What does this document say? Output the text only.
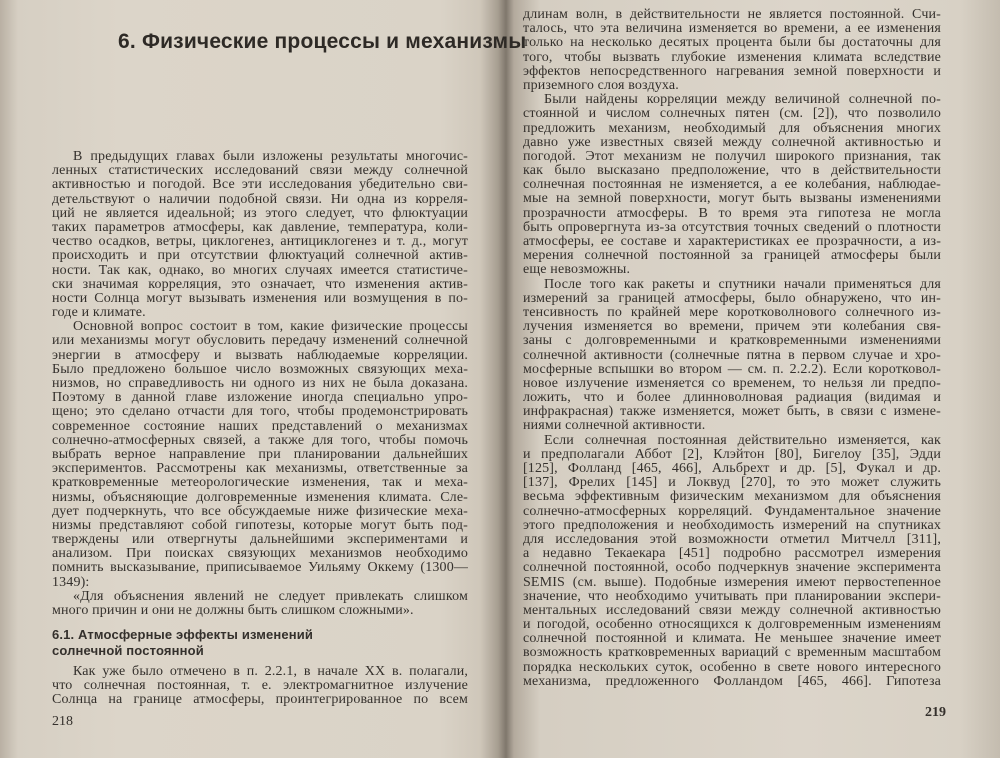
6. Физические процессы и механизмы
В предыдущих главах были изложены результаты многочис-
ленных статистических исследований связи между солнечной
активностью и погодой. Все эти исследования убедительно сви-
детельствуют о наличии подобной связи. Ни одна из корреля-
ций не является идеальной; из этого следует, что флюктуации
таких параметров атмосферы, как давление, температура, коли-
чество осадков, ветры, циклогенез, антициклогенез и т. д., могут
происходить и при отсутствии флюктуаций солнечной актив-
ности. Так как, однако, во многих случаях имеется статистиче-
ски значимая корреляция, это означает, что изменения актив-
ности Солнца могут вызывать изменения или возмущения в по-
годе и климате.
Основной вопрос состоит в том, какие физические процессы
или механизмы могут обусловить передачу изменений солнечной
энергии в атмосферу и вызвать наблюдаемые корреляции.
Было предложено большое число возможных связующих меха-
низмов, но справедливость ни одного из них не была доказана.
Поэтому в данной главе изложение иногда специально упро-
щено; это сделано отчасти для того, чтобы продемонстрировать
современное состояние наших представлений о механизмах
солнечно-атмосферных связей, а также для того, чтобы помочь
выбрать верное направление при планировании дальнейших
экспериментов. Рассмотрены как механизмы, ответственные за
кратковременные метеорологические изменения, так и меха-
низмы, объясняющие долговременные изменения климата. Сле-
дует подчеркнуть, что все обсуждаемые ниже физические меха-
низмы представляют собой гипотезы, которые могут быть под-
тверждены или отвергнуты дальнейшими экспериментами и
анализом. При поисках связующих механизмов необходимо
помнить высказывание, приписываемое Уильяму Оккему (1300—
1349):
«Для объяснения явлений не следует привлекать слишком
много причин и они не должны быть слишком сложными».
6.1. Атмосферные эффекты изменений
солнечной постоянной
Как уже было отмечено в п. 2.2.1, в начале XX в. полагали,
что солнечная постоянная, т. е. электромагнитное излучение
Солнца на границе атмосферы, проинтегрированное по всем
218
длинам волн, в действительности не является постоянной. Счи-
талось, что эта величина изменяется во времени, а ее изменения
только на несколько десятых процента были бы достаточны для
того, чтобы вызвать глубокие изменения климата вследствие
эффектов непосредственного нагревания земной поверхности и
приземного слоя воздуха.
Были найдены корреляции между величиной солнечной по-
стоянной и числом солнечных пятен (см. [2]), что позволило
предложить механизм, необходимый для объяснения многих
давно уже известных связей между солнечной активностью и
погодой. Этот механизм не получил широкого признания, так
как было высказано предположение, что в действительности
солнечная постоянная не изменяется, а ее колебания, наблюдае-
мые на земной поверхности, могут быть вызваны изменениями
прозрачности атмосферы. В то время эта гипотеза не могла
быть опровергнута из-за отсутствия точных сведений о плотности
атмосферы, ее составе и характеристиках ее прозрачности, а из-
мерения солнечной постоянной за границей атмосферы были
еще невозможны.
После того как ракеты и спутники начали применяться для
измерений за границей атмосферы, было обнаружено, что ин-
тенсивность по крайней мере коротковолнового солнечного из-
лучения изменяется во времени, причем эти колебания свя-
заны с долговременными и кратковременными изменениями
солнечной активности (солнечные пятна в первом случае и хро-
мосферные вспышки во втором — см. п. 2.2.2). Если коротковол-
новое излучение изменяется со временем, то нельзя ли предпо-
ложить, что и более длинноволновая радиация (видимая и
инфракрасная) также изменяется, может быть, в связи с измене-
ниями солнечной активности.
Если солнечная постоянная действительно изменяется, как
и предполагали Аббот [2], Клэйтон [80], Бигелоу [35], Эдди
[125], Фолланд [465, 466], Альбрехт и др. [5], Фукал и др.
[137], Фрелих [145] и Локвуд [270], то это может служить
весьма эффективным физическим механизмом для объяснения
солнечно-атмосферных корреляций. Фундаментальное значение
этого предположения и необходимость измерений на спутниках
для исследования этой возможности отметил Митчелл [311],
а недавно Текаекара [451] подробно рассмотрел измерения
солнечной постоянной, особо подчеркнув значение эксперимента
SEMIS (см. выше). Подобные измерения имеют первостепенное
значение, что необходимо учитывать при планировании экспери-
ментальных исследований связи между солнечной активностью
и погодой, особенно относящихся к долговременным изменениям
солнечной постоянной и климата. Не меньшее значение имеет
возможность кратковременных вариаций с временным масштабом
порядка нескольких суток, особенно в свете нового интересного
механизма, предложенного Фолландом [465, 466]. Гипотеза
219
